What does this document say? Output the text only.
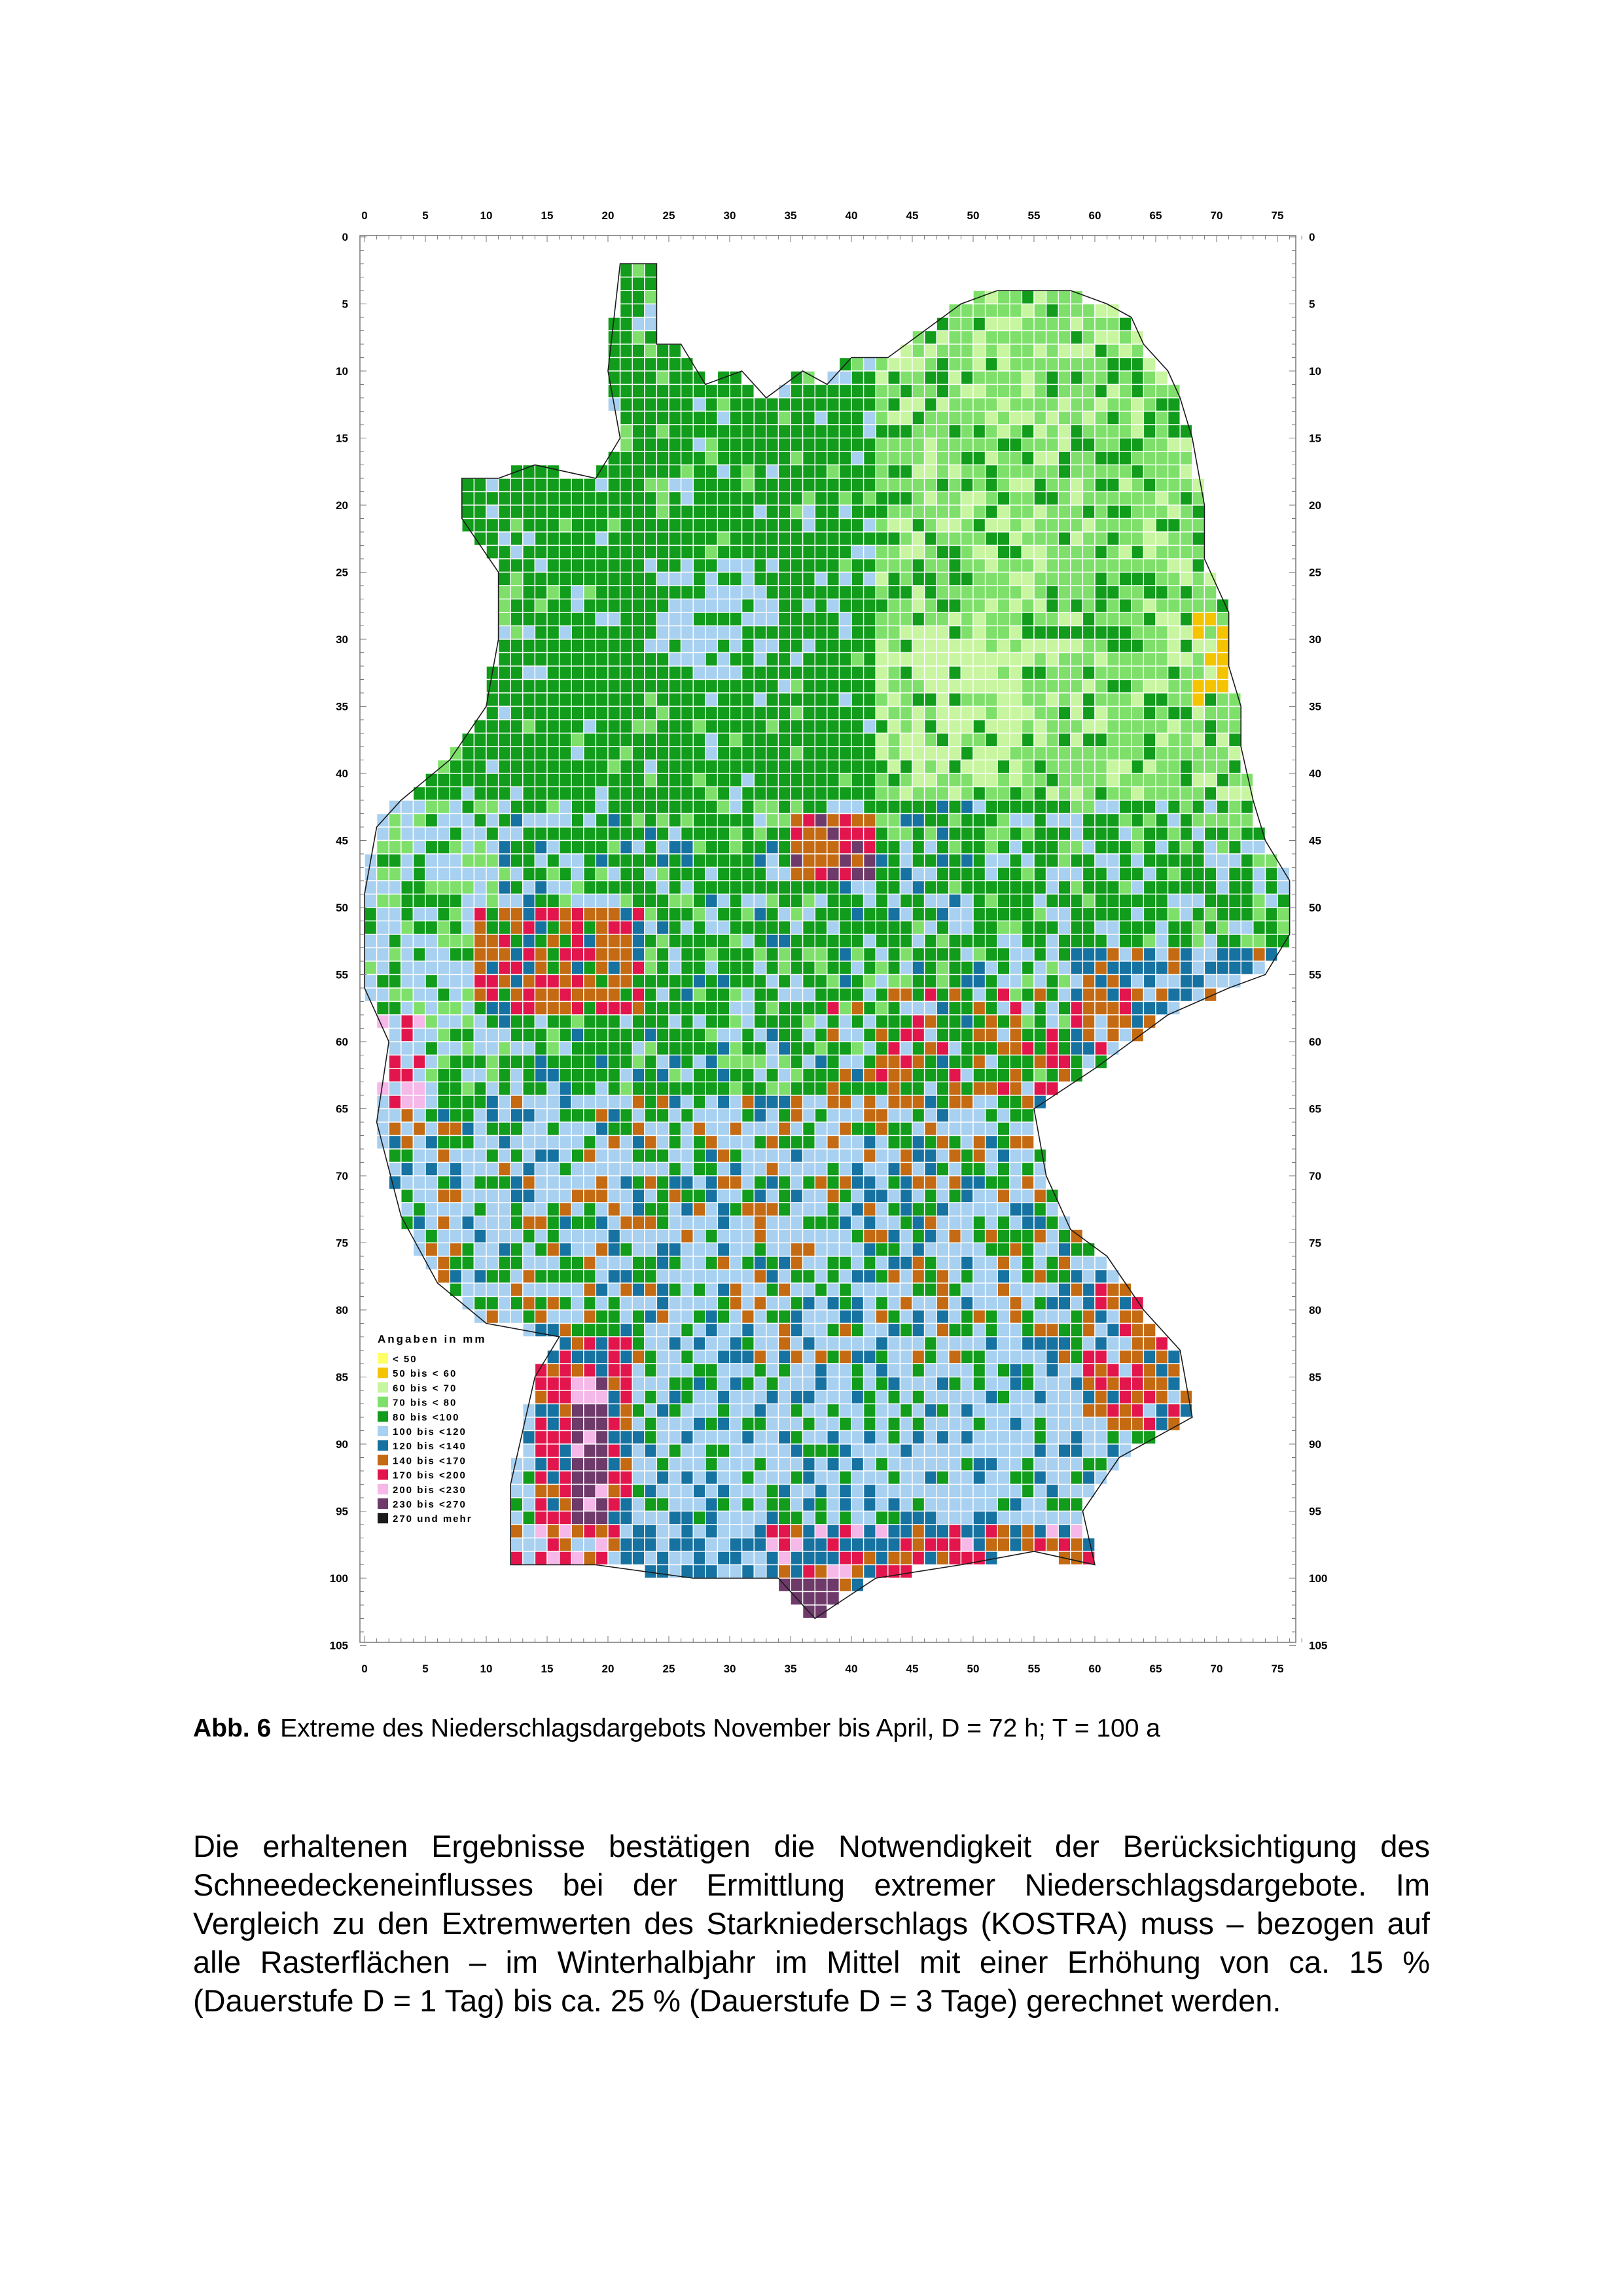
0	5	10	15	20	25	30	35	40	45	50	55	60	65	70	75
0	5	10	15	20	25	30	35	40	45	50	55	60	65	70	75
0
5
10
15
20
25
30
35
40
45
50
55
60
65
70
75
80
85
90
95
100
105
0
5
10
15
20
25
30
35
40
45
50
55
60
65
70
75
80
85
90
95
100
105
Angaben in mm
< 50
50 bis < 60
60 bis < 70
70 bis < 80
80 bis <100
100 bis <120
120 bis <140
140 bis <170
170 bis <200
200 bis <230
230 bis <270
270 und mehr
Abb. 6 Extreme des Niederschlagsdargebots November bis April, D = 72 h; T = 100 a
Die erhaltenen Ergebnisse bestätigen die Notwendigkeit der Berücksichtigung des Schneedeckeneinflusses bei der Ermittlung extremer Niederschlagsdargebote. Im Vergleich zu den Extremwerten des Starkniederschlags (KOSTRA) muss – bezogen auf alle Rasterflächen – im Winterhalbjahr im Mittel mit einer Erhöhung von ca. 15 % (Dauerstufe D = 1 Tag) bis ca. 25 % (Dauerstufe D = 3 Tage) gerechnet werden.
